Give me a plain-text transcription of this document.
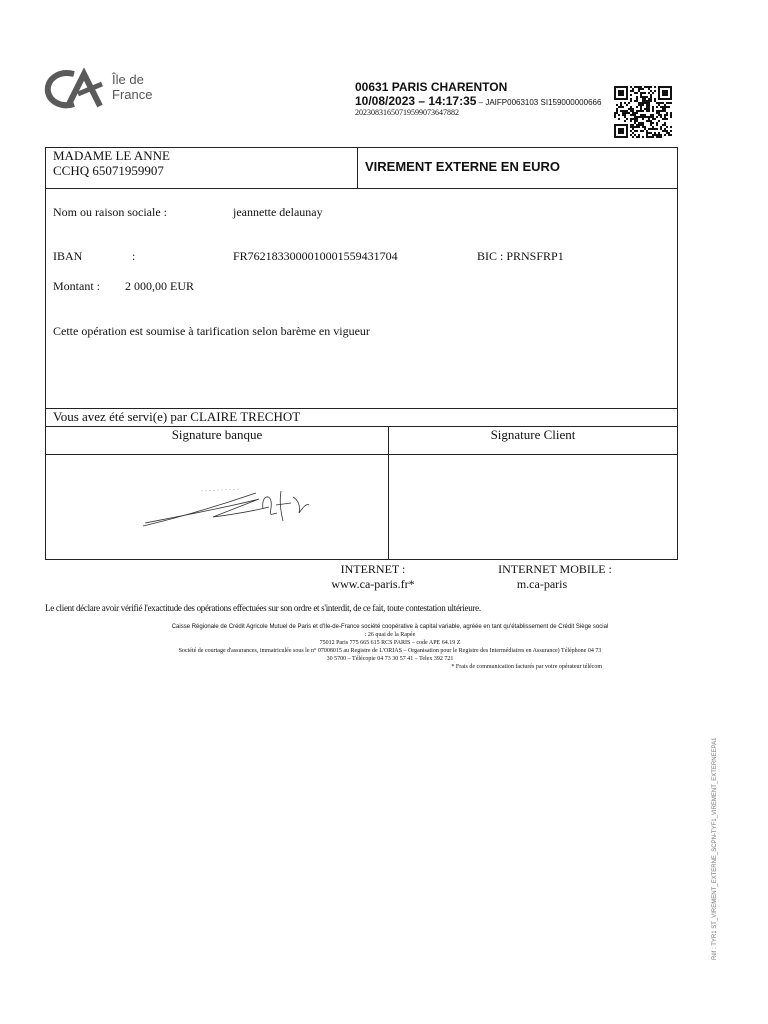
Île de
France	00631 PARIS CHARENTON
10/08/2023 – 14:17:35 – JAIFP0063103 SI159000000666
20230831650719599073647882
MADAME LE ANNE
CCHQ 65071959907	VIREMENT EXTERNE EN EURO
Nom ou raison sociale :	jeannette delaunay
IBAN	:	FR7621833000010001559431704	BIC : PRNSFRP1
Montant : 2 000,00 EUR
Cette opération est soumise à tarification selon barème en vigueur
Vous avez été servi(e) par CLAIRE TRECHOT
Signature banque	Signature Client
INTERNET :
www.ca-paris.fr*
INTERNET MOBILE :
m.ca-paris
Le client déclare avoir vérifié l'exactitude des opérations effectuées sur son ordre et s'interdit, de ce fait, toute contestation ultérieure.
Caisse Régionale de Crédit Agricole Mutuel de Paris et d'Ile-de-France société coopérative à capital variable, agréée en tant qu'établissement de Crédit Siège social
: 26 quai de la Rapée
75012 Paris 775 665 615 RCS PARIS – code APE 64.19 Z
Société de courtage d'assurances, immatriculée sous le n° 07008015 au Registre de L'ORIAS – Organisation pour le Registre des Intermédiaires en Assurance) Téléphone 04 73
30 5700 – Télécopie 04 73 30 57 41 – Telex 392 721
* Frais de communication facturés par votre opérateur télécom
Réf : TYR1 ST_VIREMENT_EXTERNE_SCPN-TYF1_VIREMENT_EXTERNEEPA1
